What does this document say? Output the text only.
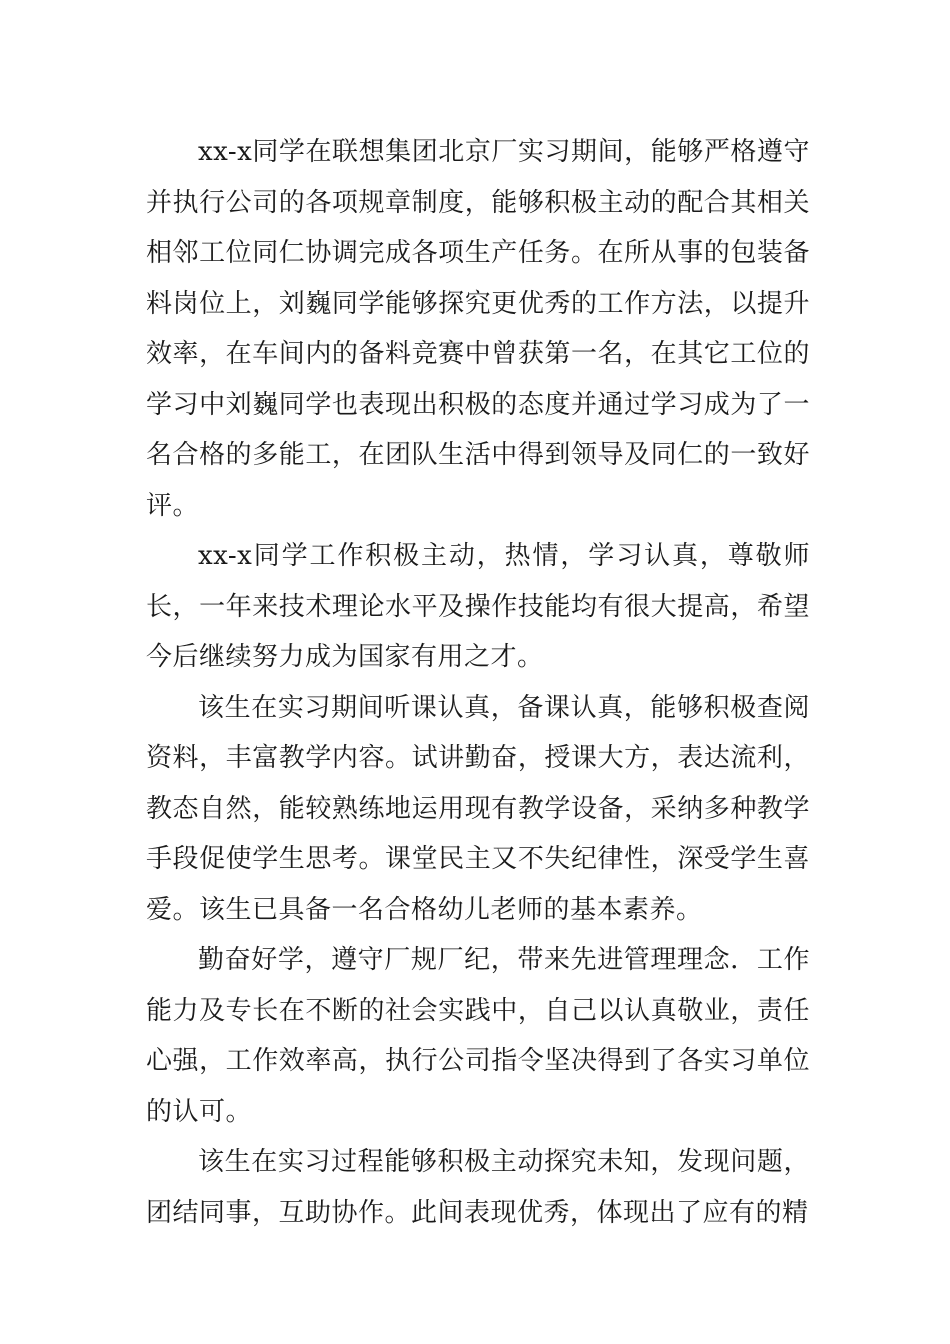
xx-x同学在联想集团北京厂实习期间，能够严格遵守并执行公司的各项规章制度，能够积极主动的配合其相关相邻工位同仁协调完成各项生产任务。在所从事的包装备料岗位上，刘巍同学能够探究更优秀的工作方法，以提升效率，在车间内的备料竞赛中曾获第一名，在其它工位的学习中刘巍同学也表现出积极的态度并通过学习成为了一名合格的多能工，在团队生活中得到领导及同仁的一致好评。

xx-x同学工作积极主动，热情，学习认真，尊敬师长，一年来技术理论水平及操作技能均有很大提高，希望今后继续努力成为国家有用之才。

该生在实习期间听课认真，备课认真，能够积极查阅资料，丰富教学内容。试讲勤奋，授课大方，表达流利，教态自然，能较熟练地运用现有教学设备，采纳多种教学手段促使学生思考。课堂民主又不失纪律性，深受学生喜爱。该生已具备一名合格幼儿老师的基本素养。

勤奋好学，遵守厂规厂纪，带来先进管理理念．工作能力及专长在不断的社会实践中，自己以认真敬业，责任心强，工作效率高，执行公司指令坚决得到了各实习单位的认可。

该生在实习过程能够积极主动探究未知，发现问题，团结同事，互助协作。此间表现优秀，体现出了应有的精
